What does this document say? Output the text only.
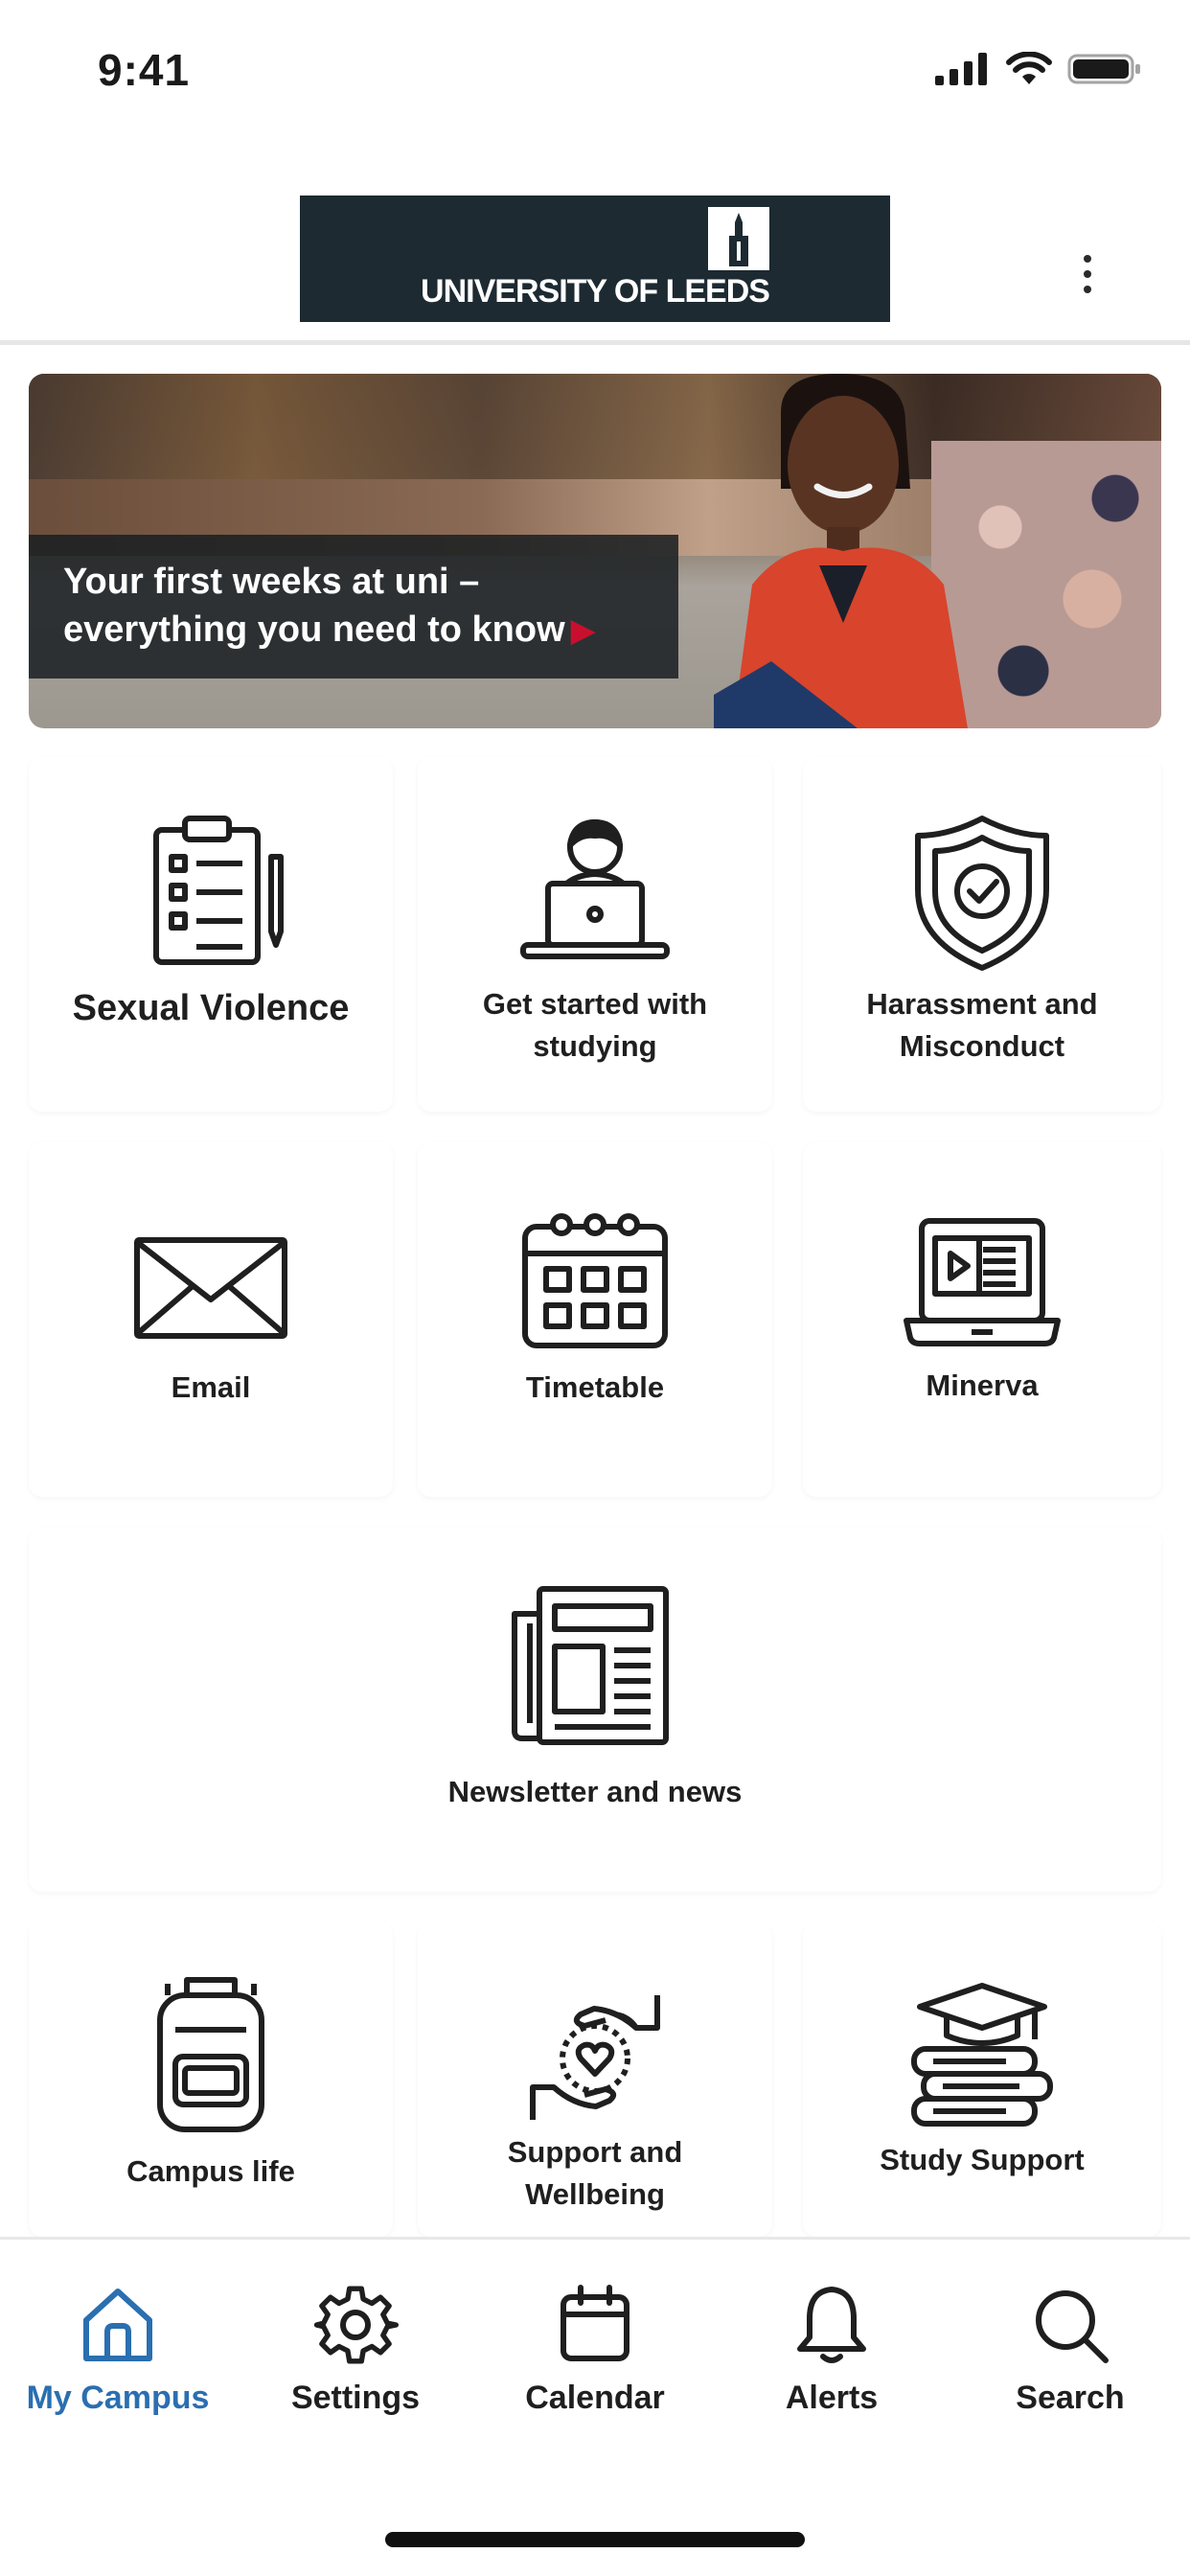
9:41
UNIVERSITY OF LEEDS
Your first weeks at uni –
everything you need to know ▶
Sexual Violence	Get started with
studying
Harassment and
Misconduct
Email	Timetable	Minerva
Newsletter and news
Campus life
Support and
Wellbeing
Study Support
My Campus	Settings	Calendar	Alerts	Search
